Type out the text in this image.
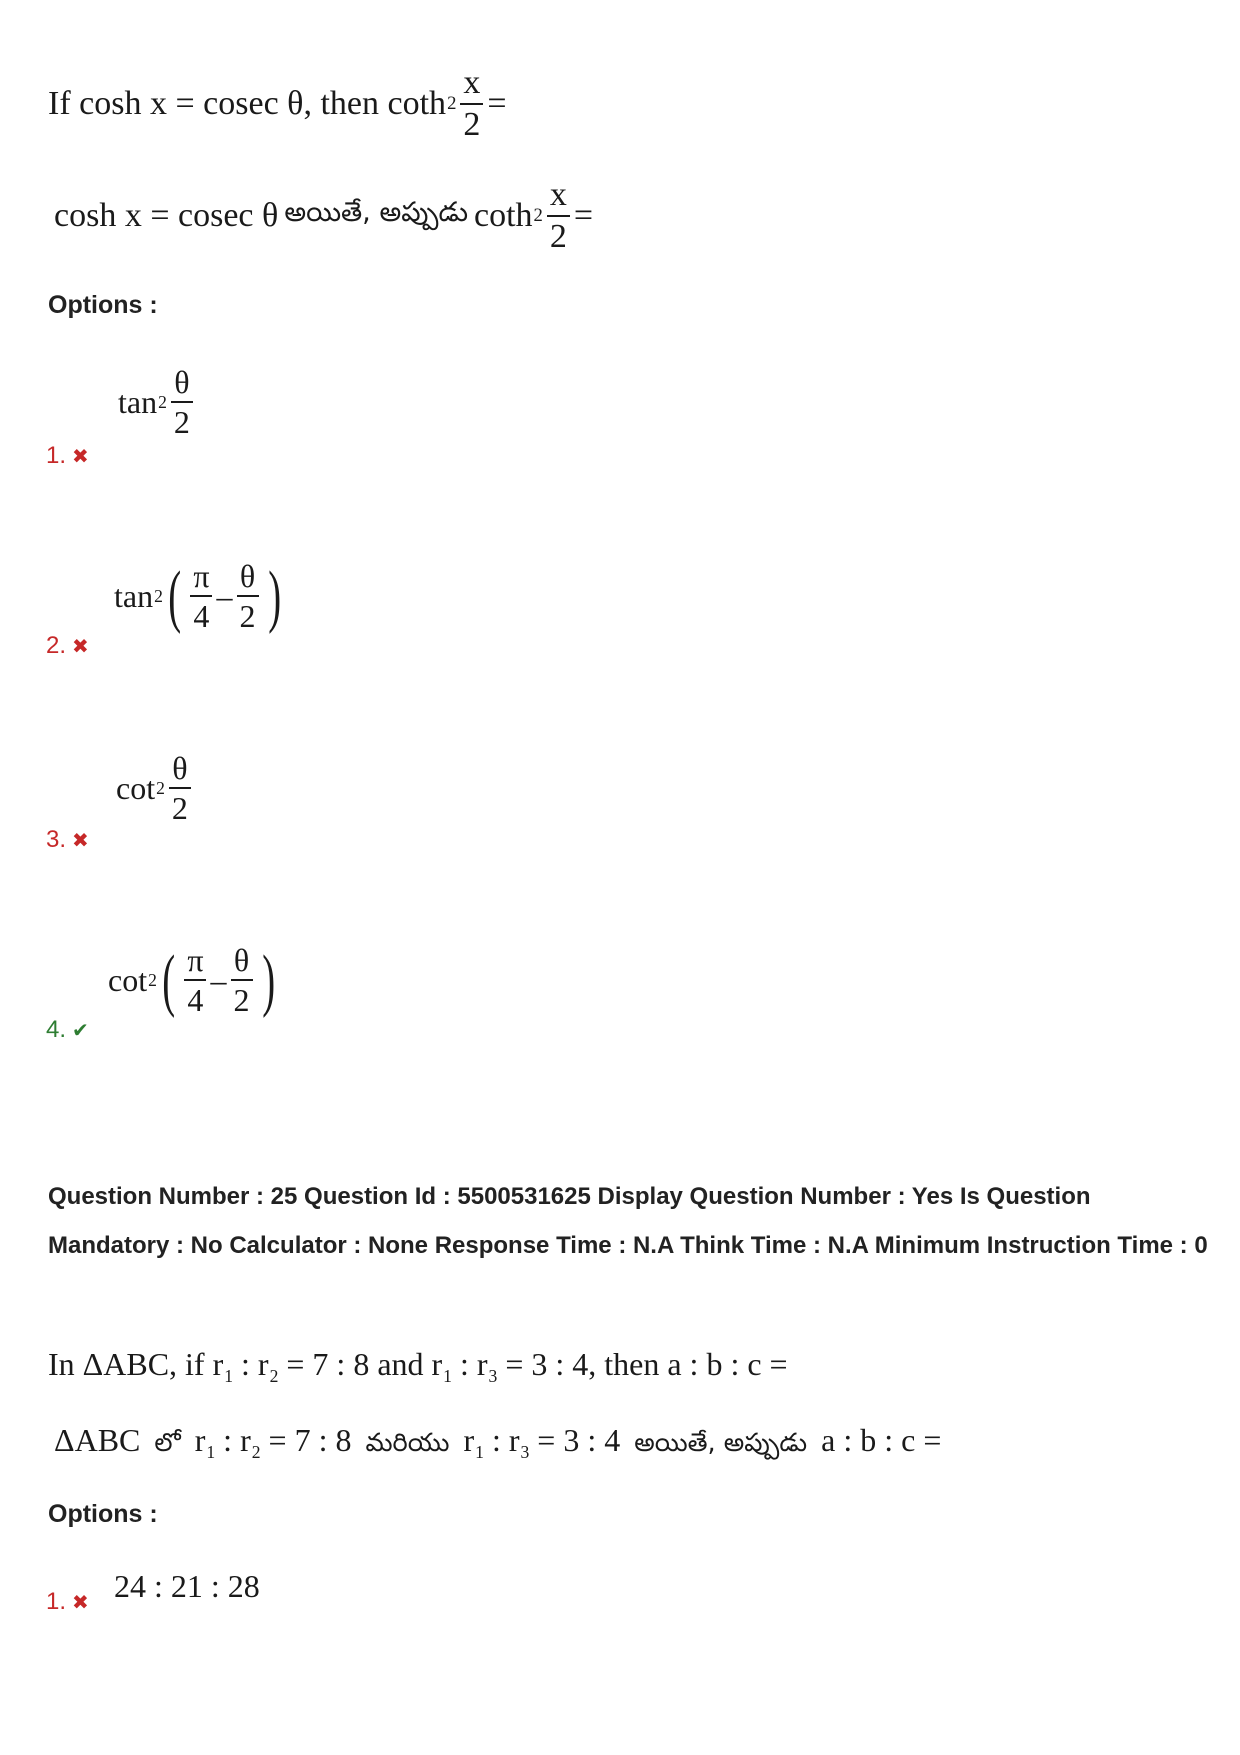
If
cosh x
=
cosec θ,
then
coth $2 \frac{x}{2}$ =
cosh x
=
cosec θ అయితే, అప్పుడు coth $2 \frac{x}{2}$ =
Options :
$\tan 2 \frac{\theta}{2}$
1. ✖
tan 2 ( $\frac{\pi}{4} - \frac{\theta}{2}$ )
2. ✖
$\cot 2 \frac{\theta}{2}$
3. ✖
cot 2 ( $\frac{\pi}{4} - \frac{\theta}{2}$ )
4. ✔
Question Number : 25 Question Id : 5500531625 Display Question Number : Yes Is Question Mandatory : No Calculator : None Response Time : N.A Think Time : N.A Minimum Instruction Time : 0
In ΔABC, if $r_1$ : $r_2 = 7$ : 8 and $r_1$ : $r_3 = 3$ : 4, then a : b : c =
ΔABC లో $r_1$ : $r_2 = 7$ : 8 మరియు $r_1$ : $r_3 = 3$ : 4 అయితే, అప్పుడు a : b : c =
Options :
24 : 21 : 28
1. ✖
